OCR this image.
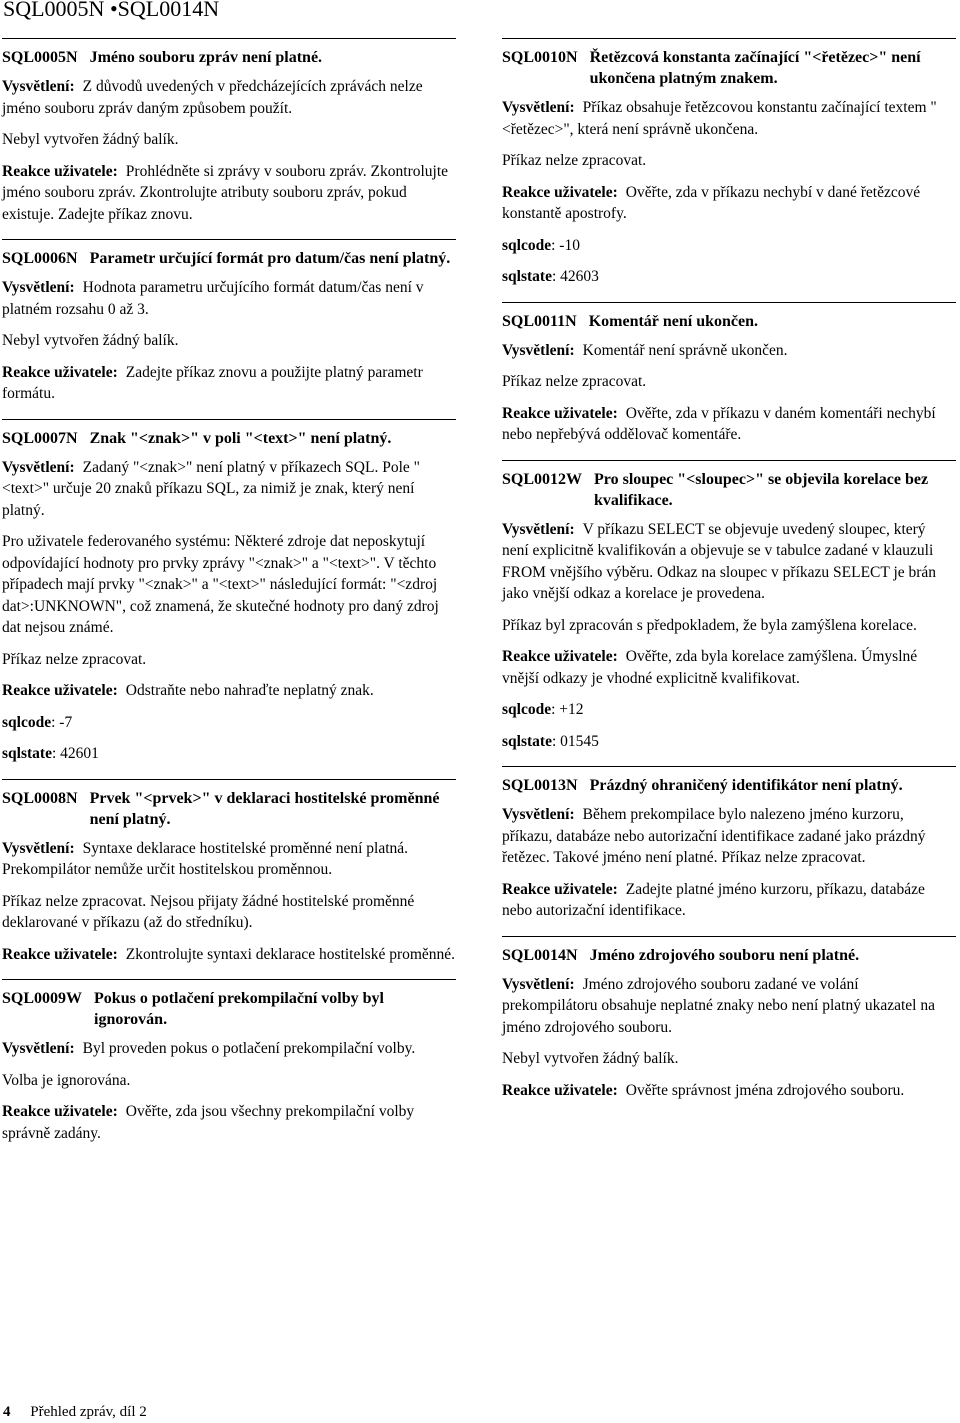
SQL0005N •SQL0014N
SQL0005N Jméno souboru zpráv není platné.

Vysvětlení: Z důvodů uvedených v předcházejících zprávách nelze jméno souboru zpráv daným způsobem použít.

Nebyl vytvořen žádný balík.

Reakce uživatele: Prohlédněte si zprávy v souboru zpráv. Zkontrolujte jméno souboru zpráv. Zkontrolujte atributy souboru zpráv, pokud existuje. Zadejte příkaz znovu.

SQL0006N Parametr určující formát pro datum/čas není platný.

Vysvětlení: Hodnota parametru určujícího formát datum/čas není v platném rozsahu 0 až 3.

Nebyl vytvořen žádný balík.

Reakce uživatele: Zadejte příkaz znovu a použijte platný parametr formátu.

SQL0007N Znak "<znak>" v poli "<text>" není platný.

Vysvětlení: Zadaný "<znak>" není platný v příkazech SQL. Pole "<text>" určuje 20 znaků příkazu SQL, za nimiž je znak, který není platný.

Pro uživatele federovaného systému: Některé zdroje dat neposkytují odpovídající hodnoty pro prvky zprávy "<znak>" a "<text>". V těchto případech mají prvky "<znak>" a "<text>" následující formát: "<zdroj dat>:UNKNOWN", což znamená, že skutečné hodnoty pro daný zdroj dat nejsou známé.

Příkaz nelze zpracovat.

Reakce uživatele: Odstraňte nebo nahraďte neplatný znak.

sqlcode: -7

sqlstate: 42601

SQL0008N Prvek "<prvek>" v deklaraci hostitelské proměnné není platný.

Vysvětlení: Syntaxe deklarace hostitelské proměnné není platná. Prekompilátor nemůže určit hostitelskou proměnnou.

Příkaz nelze zpracovat. Nejsou přijaty žádné hostitelské proměnné deklarované v příkazu (až do středníku).

Reakce uživatele: Zkontrolujte syntaxi deklarace hostitelské proměnné.

SQL0009W Pokus o potlačení prekompilační volby byl ignorován.

Vysvětlení: Byl proveden pokus o potlačení prekompilační volby.

Volba je ignorována.

Reakce uživatele: Ověřte, zda jsou všechny prekompilační volby správně zadány.

SQL0010N Řetězcová konstanta začínající "<řetězec>" není ukončena platným znakem.

Vysvětlení: Příkaz obsahuje řetězcovou konstantu začínající textem "<řetězec>", která není správně ukončena.

Příkaz nelze zpracovat.

Reakce uživatele: Ověřte, zda v příkazu nechybí v dané řetězcové konstantě apostrofy.

sqlcode: -10

sqlstate: 42603

SQL0011N Komentář není ukončen.

Vysvětlení: Komentář není správně ukončen.

Příkaz nelze zpracovat.

Reakce uživatele: Ověřte, zda v příkazu v daném komentáři nechybí nebo nepřebývá oddělovač komentáře.

SQL0012W Pro sloupec "<sloupec>" se objevila korelace bez kvalifikace.

Vysvětlení: V příkazu SELECT se objevuje uvedený sloupec, který není explicitně kvalifikován a objevuje se v tabulce zadané v klauzuli FROM vnějšího výběru. Odkaz na sloupec v příkazu SELECT je brán jako vnější odkaz a korelace je provedena.

Příkaz byl zpracován s předpokladem, že byla zamýšlena korelace.

Reakce uživatele: Ověřte, zda byla korelace zamýšlena. Úmyslné vnější odkazy je vhodné explicitně kvalifikovat.

sqlcode: +12

sqlstate: 01545

SQL0013N Prázdný ohraničený identifikátor není platný.

Vysvětlení: Během prekompilace bylo nalezeno jméno kurzoru, příkazu, databáze nebo autorizační identifikace zadané jako prázdný řetězec. Takové jméno není platné. Příkaz nelze zpracovat.

Reakce uživatele: Zadejte platné jméno kurzoru, příkazu, databáze nebo autorizační identifikace.

SQL0014N Jméno zdrojového souboru není platné.

Vysvětlení: Jméno zdrojového souboru zadané ve volání prekompilátoru obsahuje neplatné znaky nebo není platný ukazatel na jméno zdrojového souboru.

Nebyl vytvořen žádný balík.

Reakce uživatele: Ověřte správnost jména zdrojového souboru.

4 Přehled zpráv, díl 2
